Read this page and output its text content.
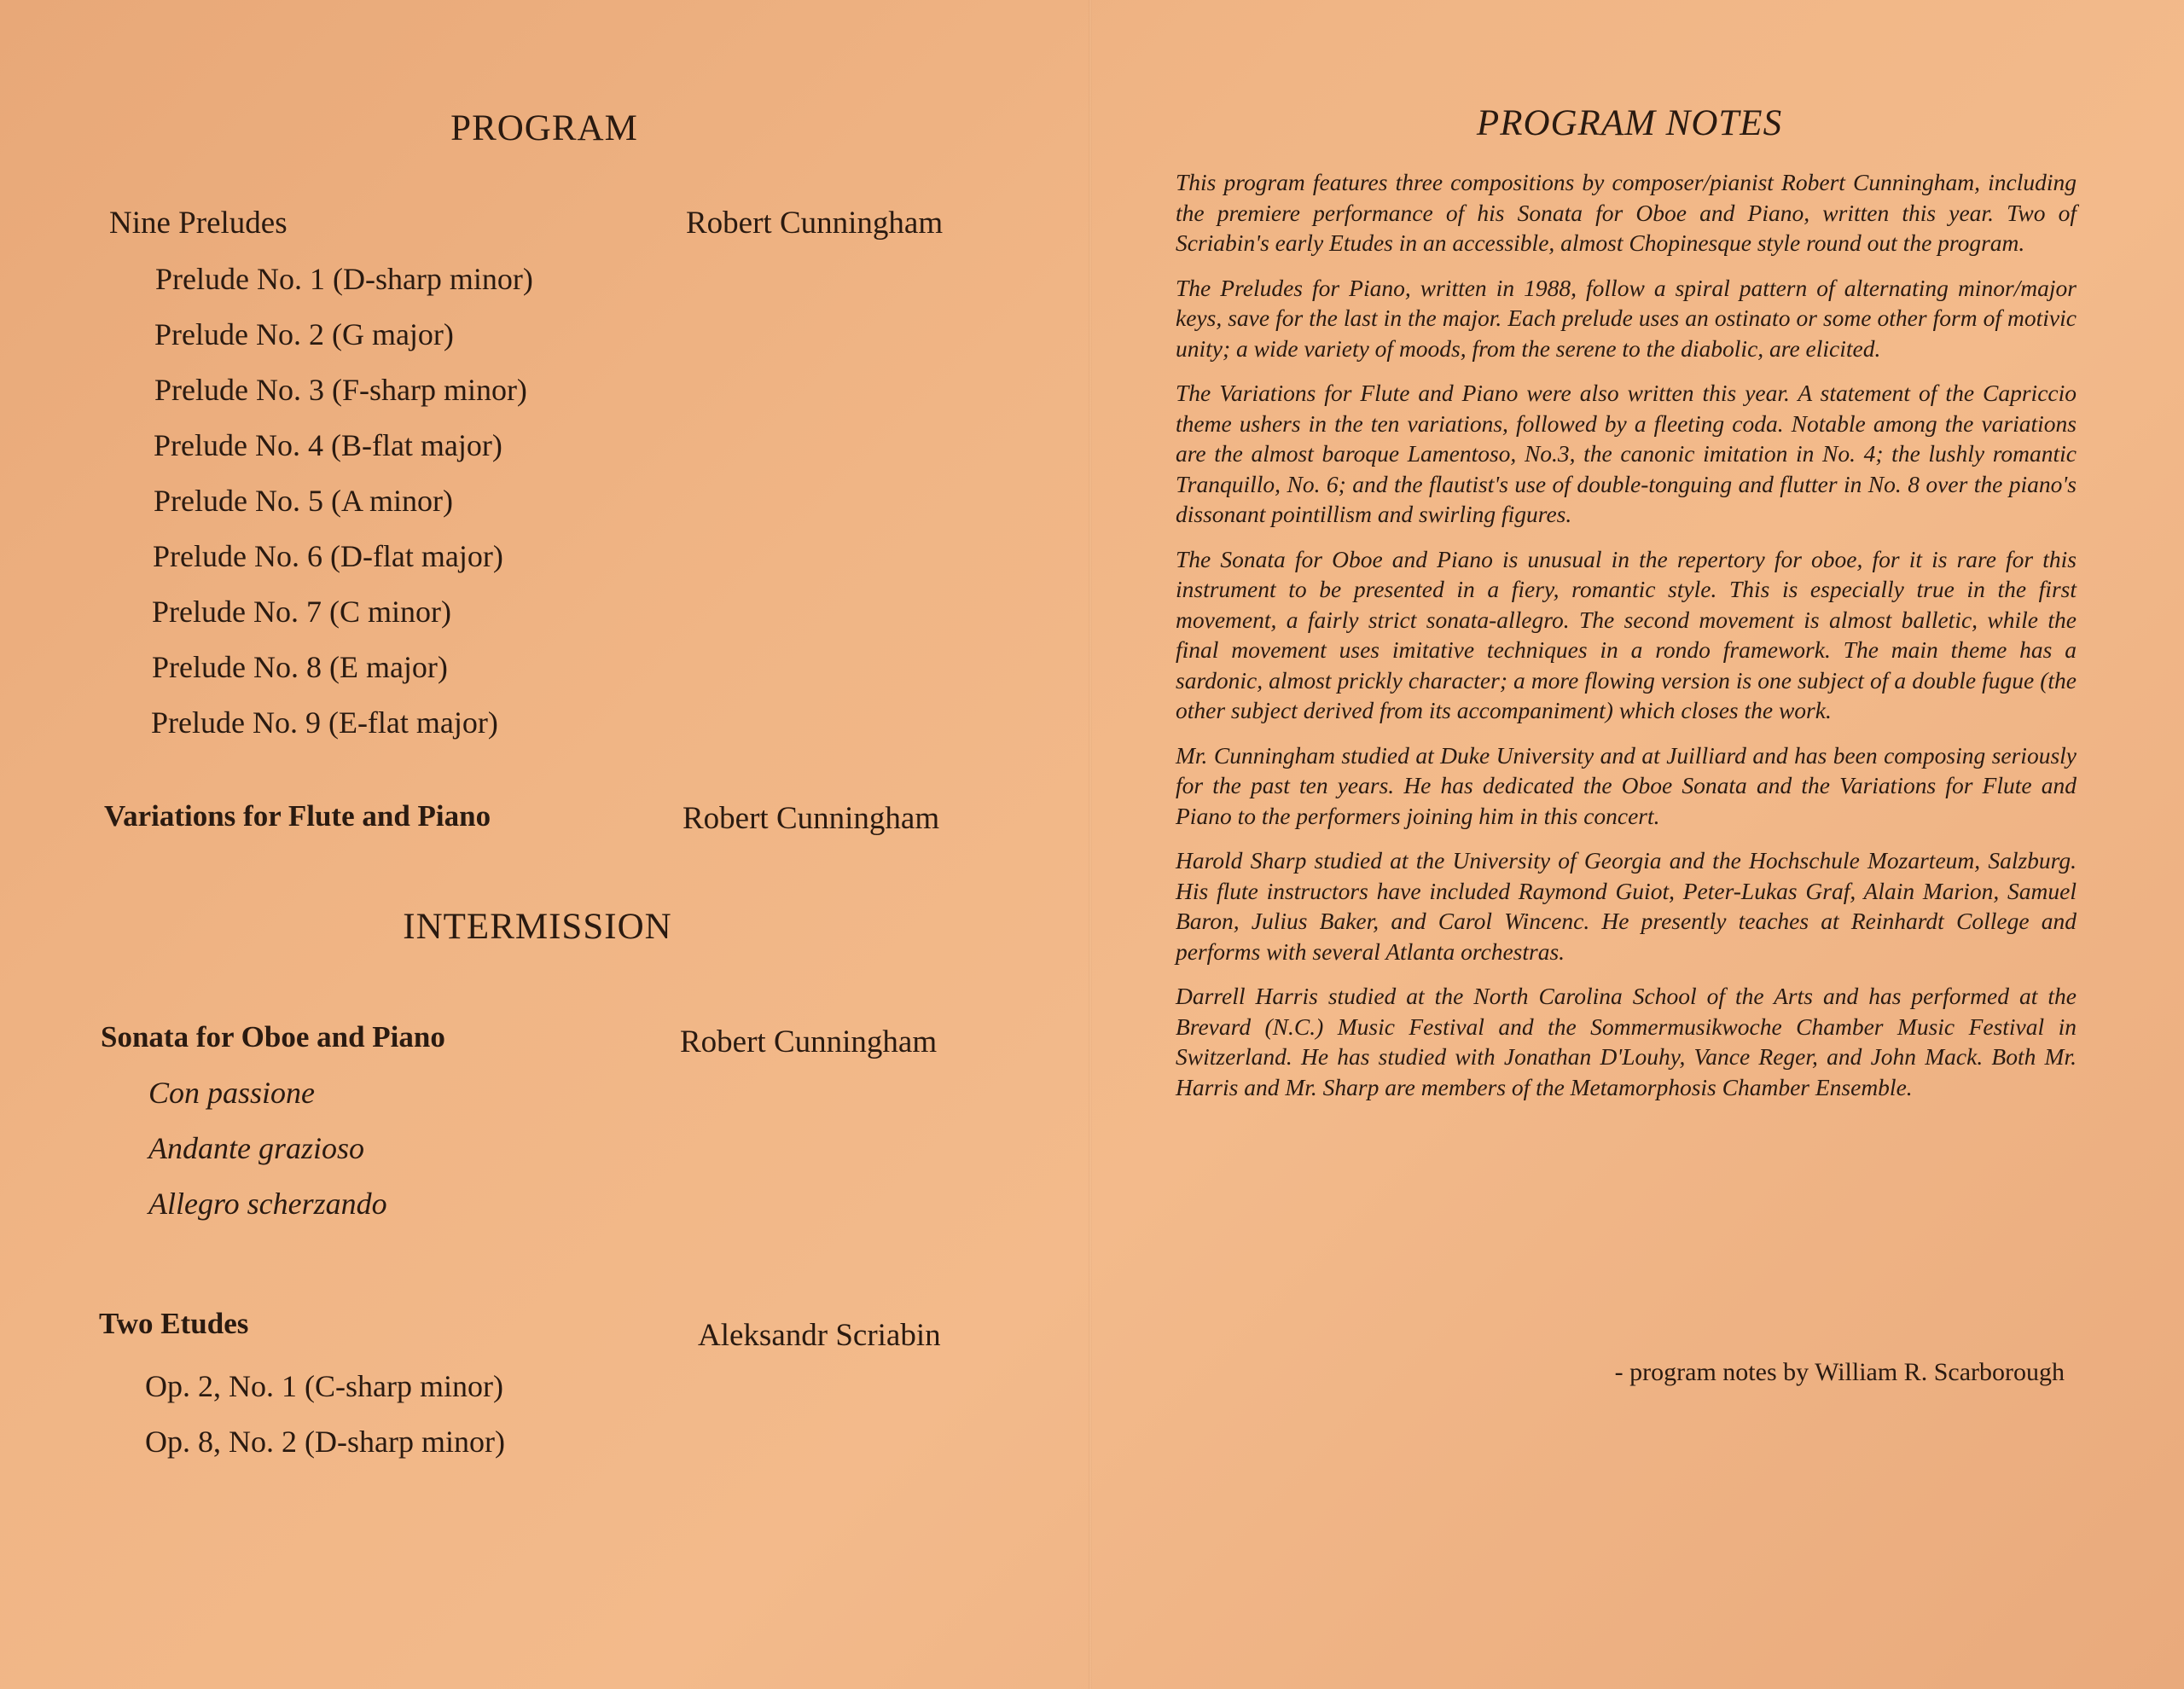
PROGRAM
Nine Preludes	Robert Cunningham
Prelude No. 1 (D-sharp minor)
Prelude No. 2 (G major)
Prelude No. 3 (F-sharp minor)
Prelude No. 4 (B-flat major)
Prelude No. 5 (A minor)
Prelude No. 6 (D-flat major)
Prelude No. 7 (C minor)
Prelude No. 8 (E major)
Prelude No. 9 (E-flat major)
Variations for Flute and Piano	Robert Cunningham
INTERMISSION
Sonata for Oboe and Piano	Robert Cunningham
Con passione
Andante grazioso
Allegro scherzando
Two Etudes	Aleksandr Scriabin
Op. 2, No. 1 (C-sharp minor)
Op. 8, No. 2 (D-sharp minor)
PROGRAM NOTES

This program features three compositions by composer/pianist Robert Cunningham, including the premiere performance of his Sonata for Oboe and Piano, written this year. Two of Scriabin's early Etudes in an accessible, almost Chopinesque style round out the program.

The Preludes for Piano, written in 1988, follow a spiral pattern of alternating minor/major keys, save for the last in the major. Each prelude uses an ostinato or some other form of motivic unity; a wide variety of moods, from the serene to the diabolic, are elicited.

The Variations for Flute and Piano were also written this year. A statement of the Capriccio theme ushers in the ten variations, followed by a fleeting coda. Notable among the variations are the almost baroque Lamentoso, No.3, the canonic imitation in No. 4; the lushly romantic Tranquillo, No. 6; and the flautist's use of double-tonguing and flutter in No. 8 over the piano's dissonant pointillism and swirling figures.

The Sonata for Oboe and Piano is unusual in the repertory for oboe, for it is rare for this instrument to be presented in a fiery, romantic style. This is especially true in the first movement, a fairly strict sonata-allegro. The second movement is almost balletic, while the final movement uses imitative techniques in a rondo framework. The main theme has a sardonic, almost prickly character; a more flowing version is one subject of a double fugue (the other subject derived from its accompaniment) which closes the work.

Mr. Cunningham studied at Duke University and at Juilliard and has been composing seriously for the past ten years. He has dedicated the Oboe Sonata and the Variations for Flute and Piano to the performers joining him in this concert.

Harold Sharp studied at the University of Georgia and the Hochschule Mozarteum, Salzburg. His flute instructors have included Raymond Guiot, Peter-Lukas Graf, Alain Marion, Samuel Baron, Julius Baker, and Carol Wincenc. He presently teaches at Reinhardt College and performs with several Atlanta orchestras.

Darrell Harris studied at the North Carolina School of the Arts and has performed at the Brevard (N.C.) Music Festival and the Sommermusikwoche Chamber Music Festival in Switzerland. He has studied with Jonathan D'Louhy, Vance Reger, and John Mack. Both Mr. Harris and Mr. Sharp are members of the Metamorphosis Chamber Ensemble.

- program notes by William R. Scarborough
